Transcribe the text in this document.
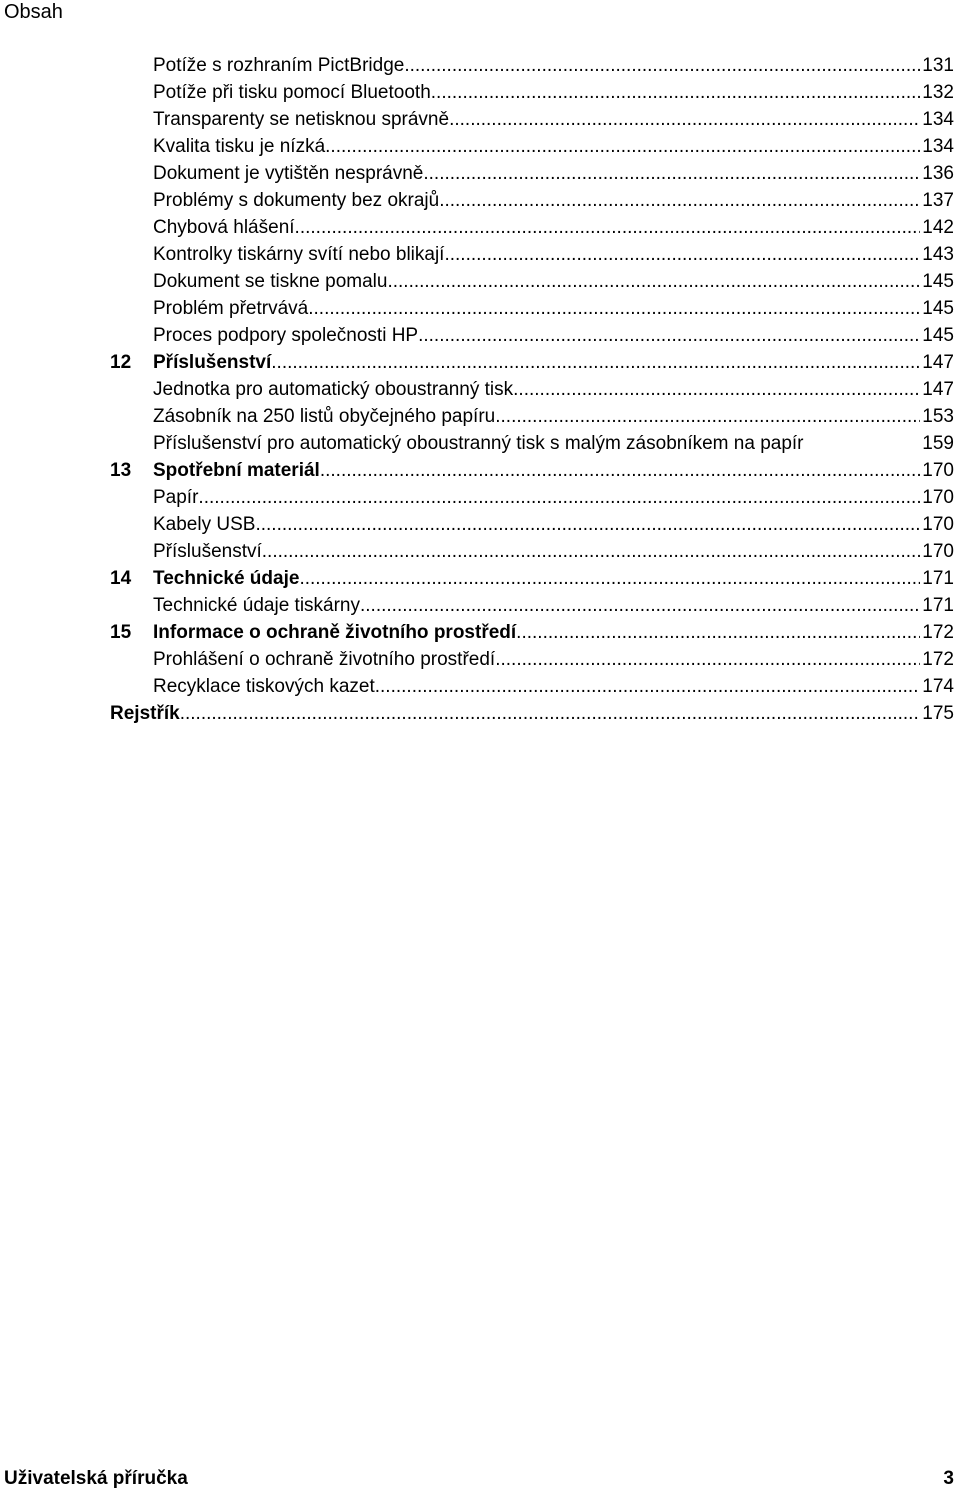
Obsah
Potíže s rozhraním PictBridge .....	131
Potíže při tisku pomocí Bluetooth .....	132
Transparenty se netisknou správně .....	134
Kvalita tisku je nízká .....	134
Dokument je vytištěn nesprávně .....	136
Problémy s dokumenty bez okrajů .....	137
Chybová hlášení .....	142
Kontrolky tiskárny svítí nebo blikají .....	143
Dokument se tiskne pomalu .....	145
Problém přetrvává .....	145
Proces podpory společnosti HP .....	145
12 Příslušenství .....	147
Jednotka pro automatický oboustranný tisk .....	147
Zásobník na 250 listů obyčejného papíru .....	153
Příslušenství pro automatický oboustranný tisk s malým zásobníkem na papír	159
13 Spotřební materiál .....	170
Papír .....	170
Kabely USB .....	170
Příslušenství .....	170
14 Technické údaje .....	171
Technické údaje tiskárny .....	171
15 Informace o ochraně životního prostředí .....	172
Prohlášení o ochraně životního prostředí .....	172
Recyklace tiskových kazet .....	174
Rejstřík .....	175
Uživatelská příručka	3
